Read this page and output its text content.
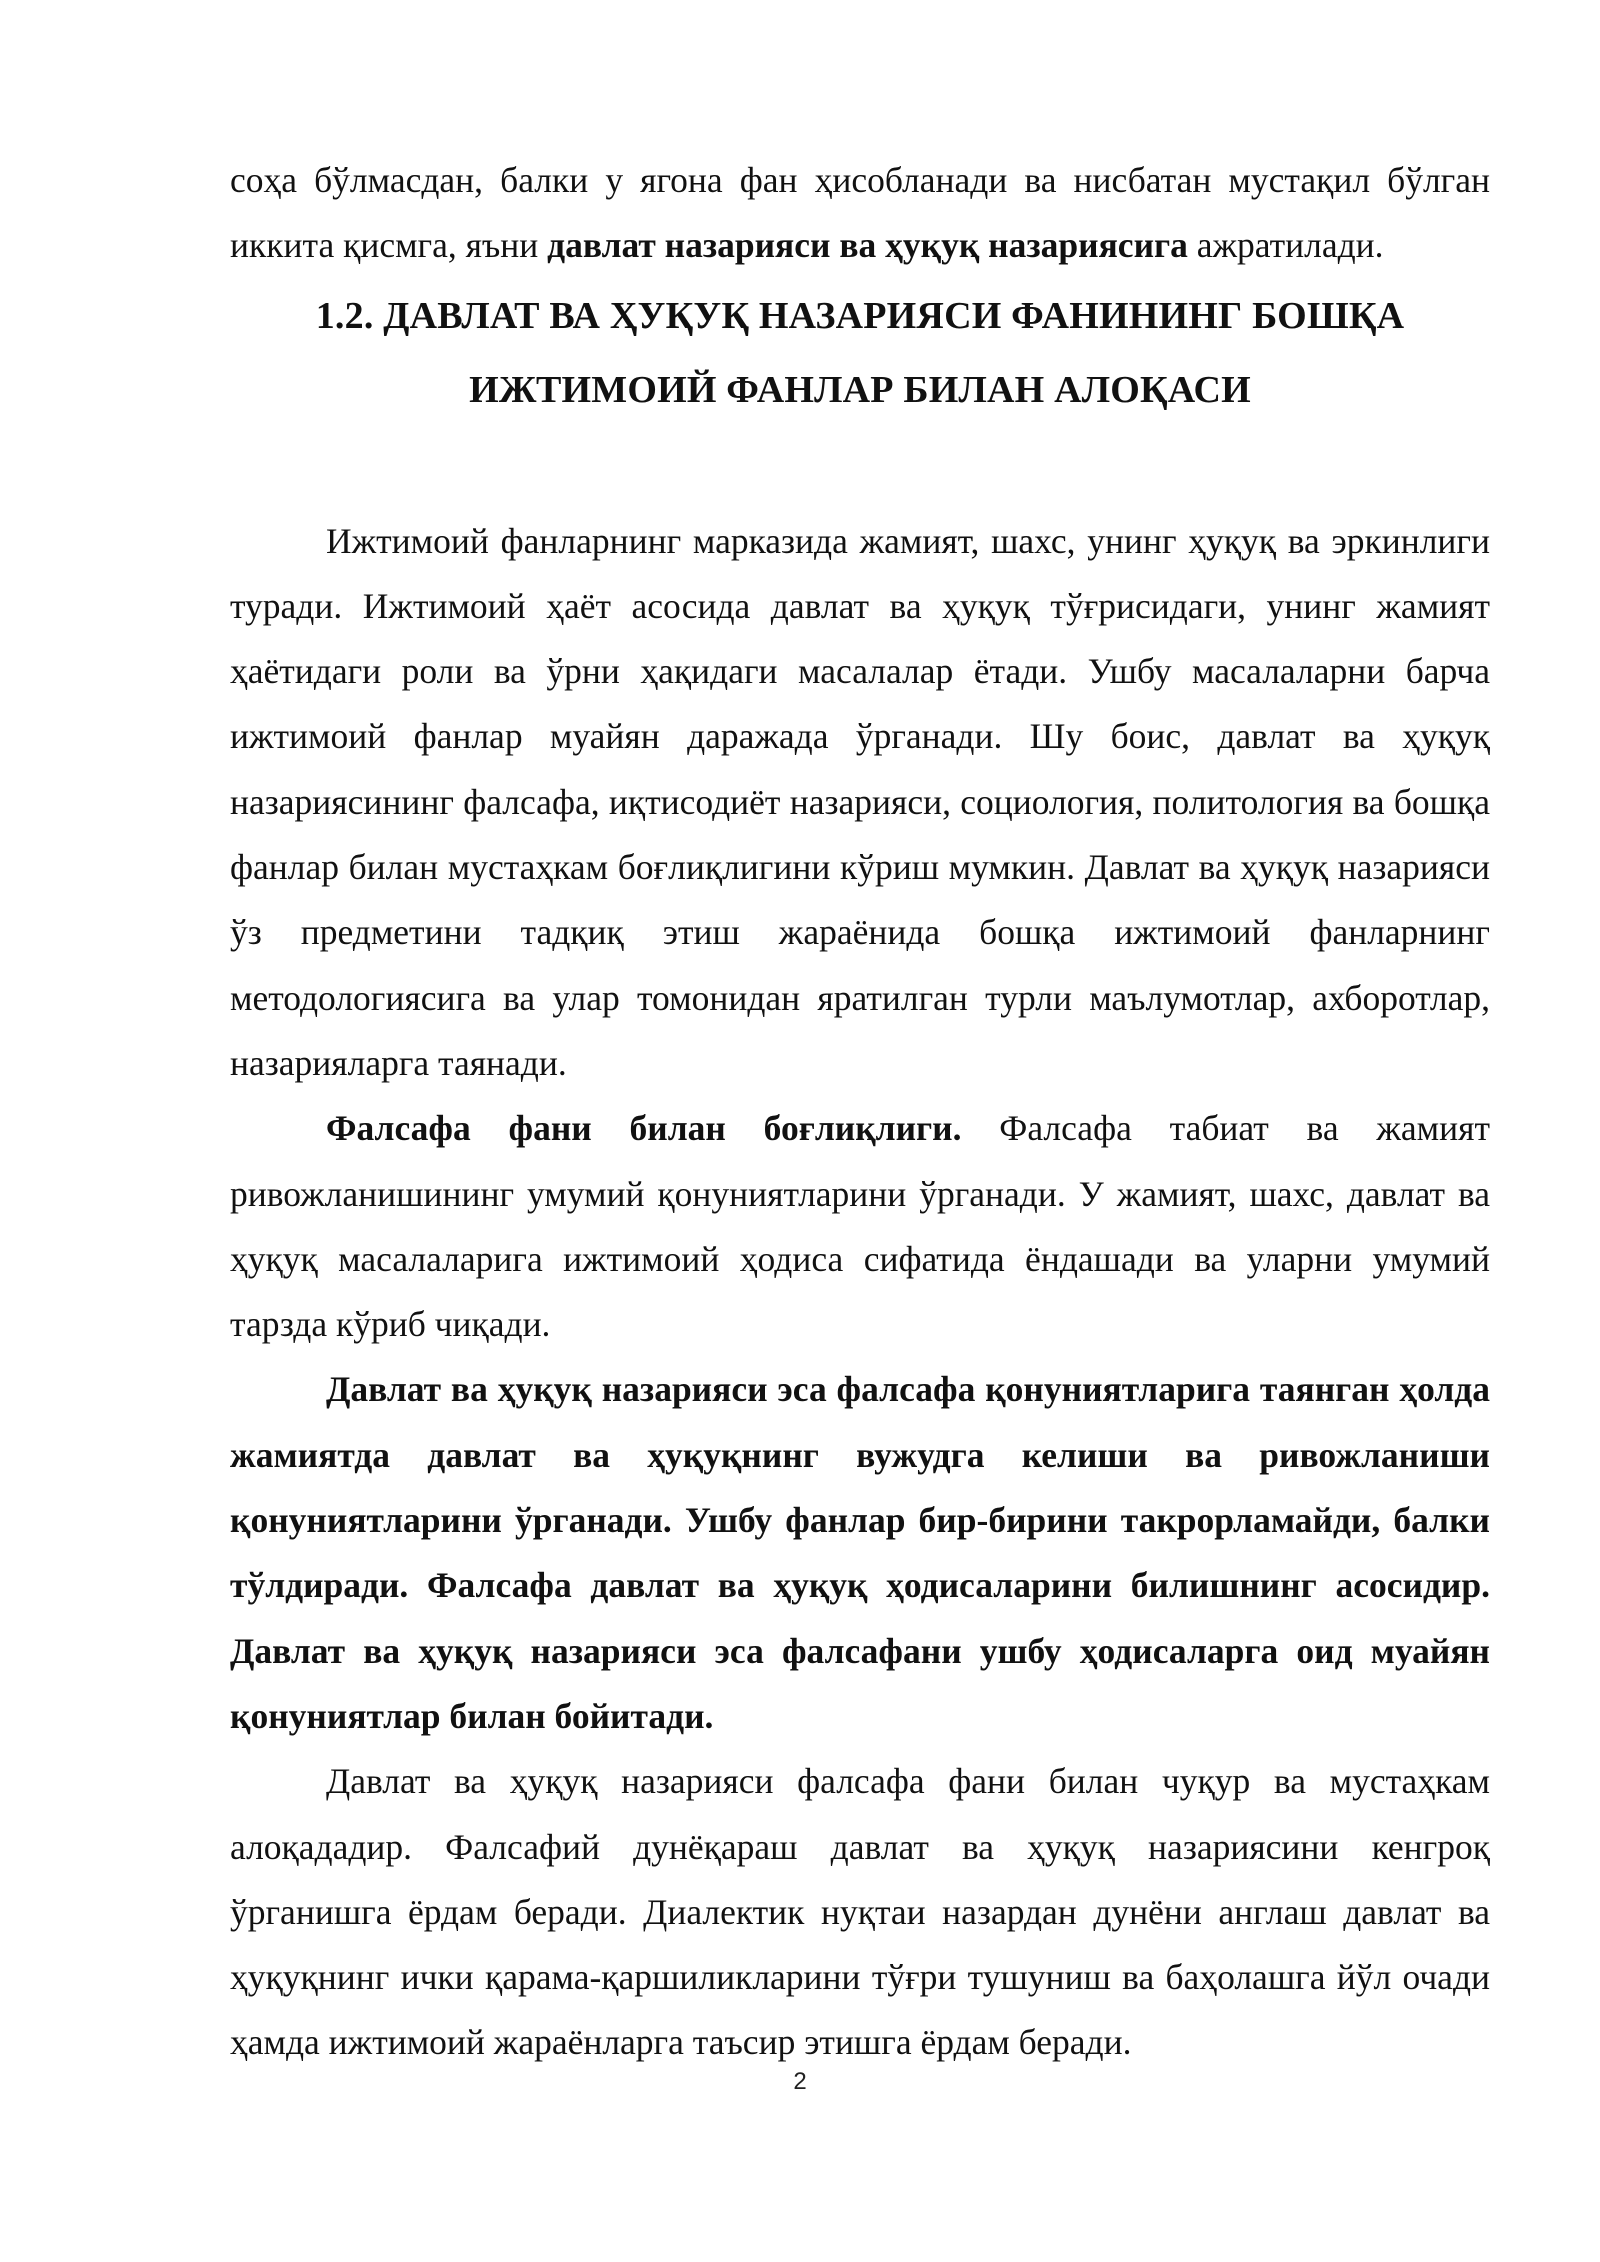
соҳа бўлмасдан, балки у ягона фан ҳисобланади ва нисбатан мустақил бўлган иккита қисмга, яъни давлат назарияси ва ҳуқуқ назариясига ажратилади.

1.2. ДАВЛАТ ВА ҲУҚУҚ НАЗАРИЯСИ ФАНИНИНГ БОШҚА
ИЖТИМОИЙ ФАНЛАР БИЛАН АЛОҚАСИ

Ижтимоий фанларнинг марказида жамият, шахс, унинг ҳуқуқ ва эркинлиги туради. Ижтимоий ҳаёт асосида давлат ва ҳуқуқ тўғрисидаги, унинг жамият ҳаётидаги роли ва ўрни ҳақидаги масалалар ётади. Ушбу масалаларни барча ижтимоий фанлар муайян даражада ўрганади. Шу боис, давлат ва ҳуқуқ назариясининг фалсафа, иқтисодиёт назарияси, социология, политология ва бошқа фанлар билан мустаҳкам боғлиқлигини кўриш мумкин. Давлат ва ҳуқуқ назарияси ўз предметини тадқиқ этиш жараёнида бошқа ижтимоий фанларнинг методологиясига ва улар томонидан яратилган турли маълумотлар, ахборотлар, назарияларга таянади.

Фалсафа фани билан боғлиқлиги. Фалсафа табиат ва жамият ривожланишининг умумий қонуниятларини ўрганади. У жамият, шахс, давлат ва ҳуқуқ масалаларига ижтимоий ҳодиса сифатида ёндашади ва уларни умумий тарзда кўриб чиқади.

Давлат ва ҳуқуқ назарияси эса фалсафа қонуниятларига таянган ҳолда жамиятда давлат ва ҳуқуқнинг вужудга келиши ва ривожланиши қонуниятларини ўрганади. Ушбу фанлар бир-бирини такрорламайди, балки тўлдиради. Фалсафа давлат ва ҳуқуқ ҳодисаларини билишнинг асосидир. Давлат ва ҳуқуқ назарияси эса фалсафани ушбу ҳодисаларга оид муайян қонуниятлар билан бойитади.

Давлат ва ҳуқуқ назарияси фалсафа фани билан чуқур ва мустаҳкам алоқададир. Фалсафий дунёқараш давлат ва ҳуқуқ назариясини кенгроқ ўрганишга ёрдам беради. Диалектик нуқтаи назардан дунёни англаш давлат ва ҳуқуқнинг ички қарама-қаршиликларини тўғри тушуниш ва баҳолашга йўл очади ҳамда ижтимоий жараёнларга таъсир этишга ёрдам беради.

2
